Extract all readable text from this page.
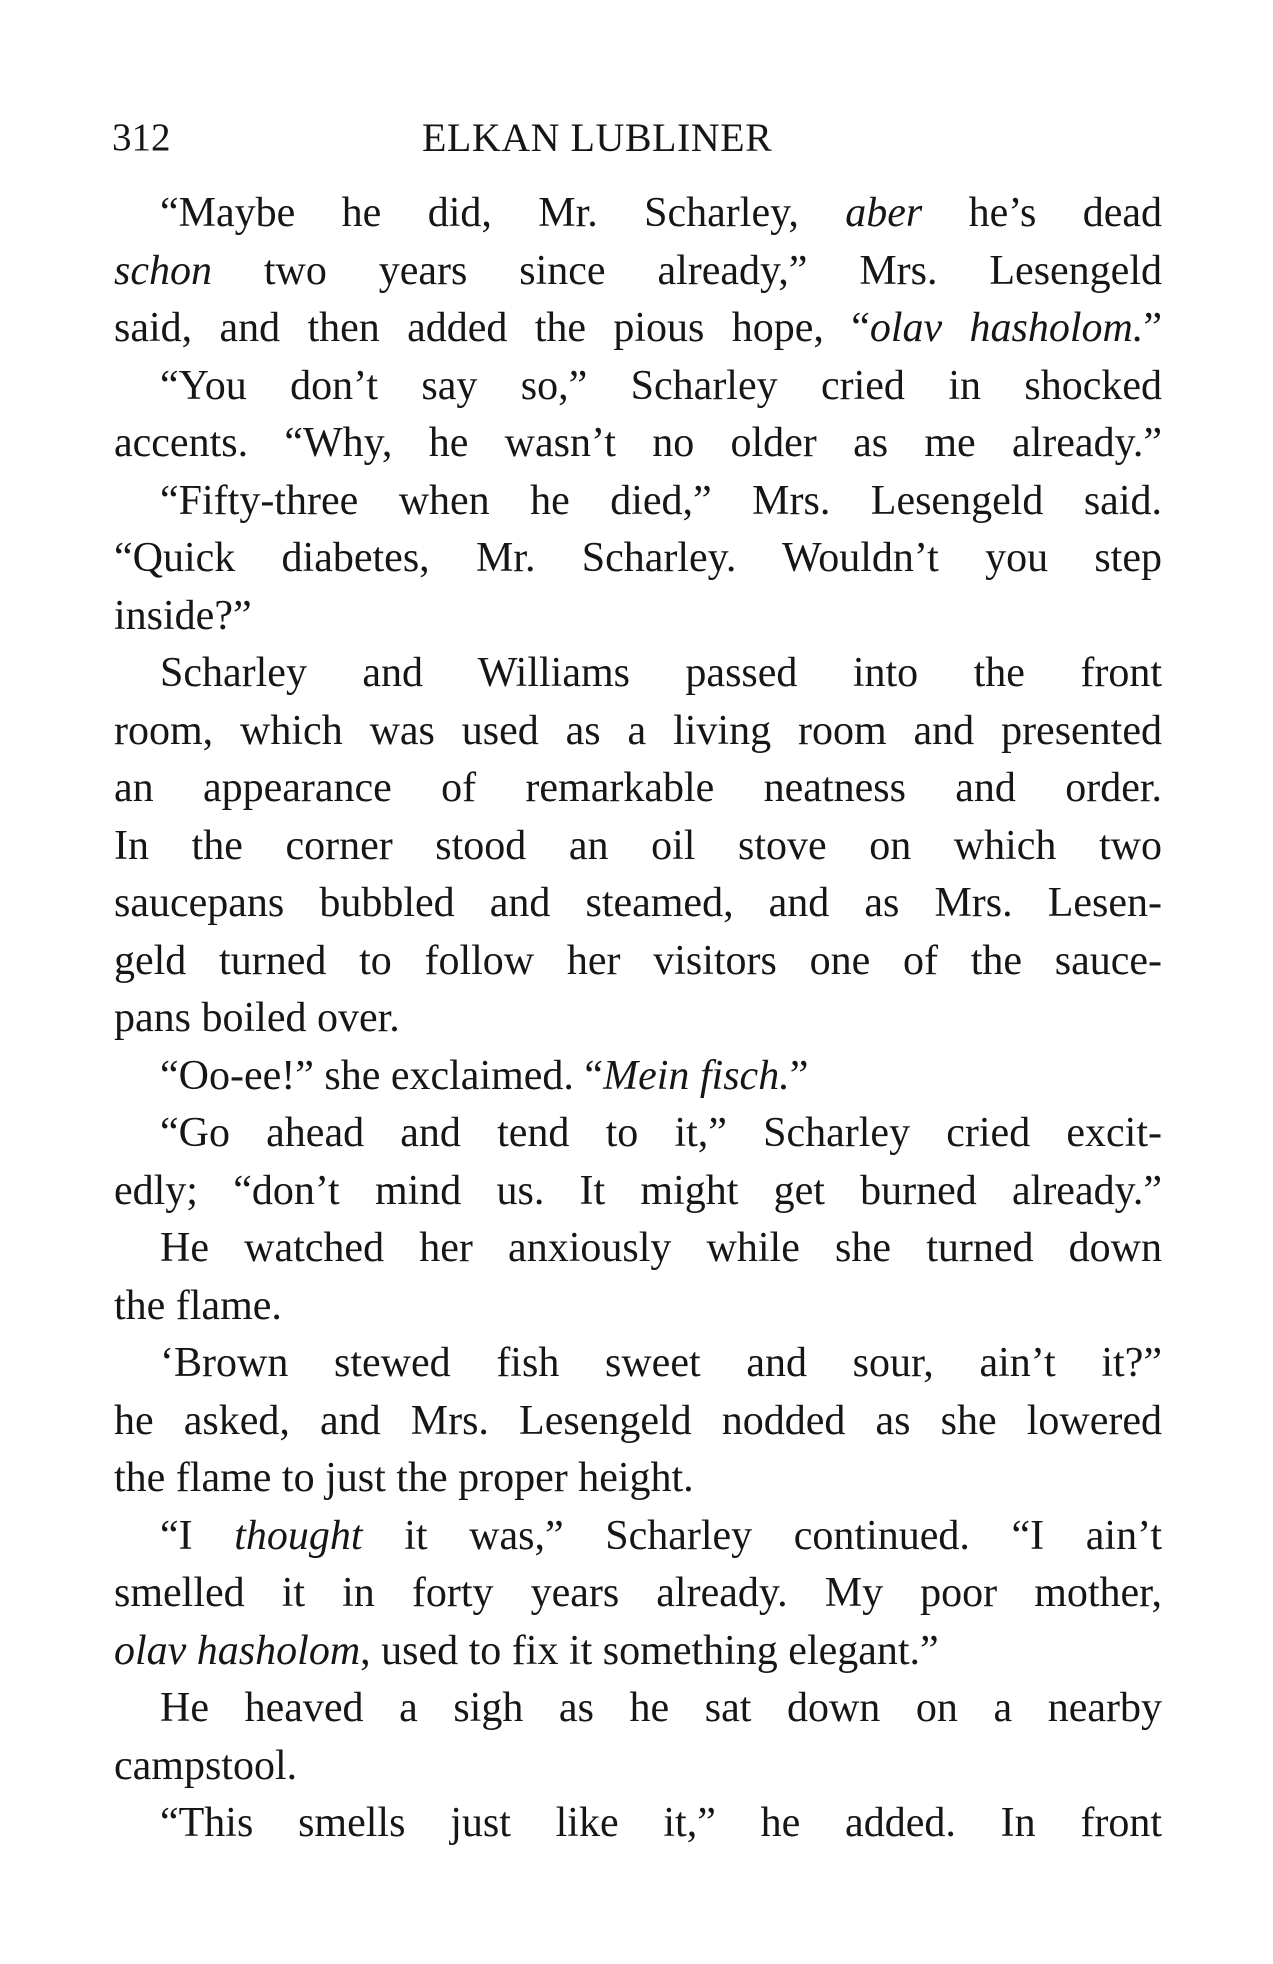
312	ELKAN LUBLINER
“Maybe he did, Mr. Scharley, aber he’s dead
schon two years since already,” Mrs. Lesengeld
said, and then added the pious hope, “olav hasholom.”
“You don’t say so,” Scharley cried in shocked
accents. “Why, he wasn’t no older as me already.”
“Fifty-three when he died,” Mrs. Lesengeld said.
“Quick diabetes, Mr. Scharley. Wouldn’t you step
inside?”
Scharley and Williams passed into the front
room, which was used as a living room and presented
an appearance of remarkable neatness and order.
In the corner stood an oil stove on which two
saucepans bubbled and steamed, and as Mrs. Lesen-
geld turned to follow her visitors one of the sauce-
pans boiled over.
“Oo-ee!” she exclaimed. “Mein fisch.”
“Go ahead and tend to it,” Scharley cried excit-
edly; “don’t mind us. It might get burned already.”
He watched her anxiously while she turned down
the flame.
‘Brown stewed fish sweet and sour, ain’t it?”
he asked, and Mrs. Lesengeld nodded as she lowered
the flame to just the proper height.
“I thought it was,” Scharley continued. “I ain’t
smelled it in forty years already. My poor mother,
olav hasholom, used to fix it something elegant.”
He heaved a sigh as he sat down on a nearby
campstool.
“This smells just like it,” he added. In front
